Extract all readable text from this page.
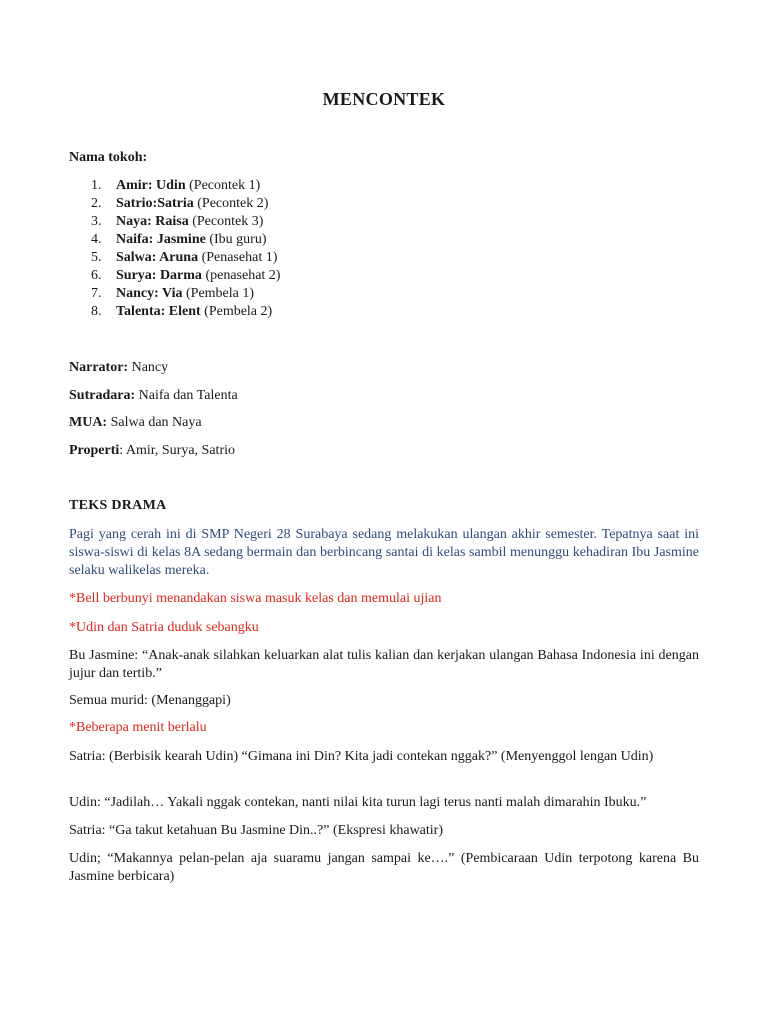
MENCONTEK
Nama tokoh:
1. Amir: Udin (Pecontek 1)
2. Satrio:Satria (Pecontek 2)
3. Naya: Raisa (Pecontek 3)
4. Naifa: Jasmine (Ibu guru)
5. Salwa: Aruna (Penasehat 1)
6. Surya: Darma (penasehat 2)
7. Nancy: Via (Pembela 1)
8. Talenta: Elent (Pembela 2)
Narrator: Nancy
Sutradara: Naifa dan Talenta
MUA: Salwa dan Naya
Properti: Amir, Surya, Satrio
TEKS DRAMA
Pagi yang cerah ini di SMP Negeri 28 Surabaya sedang melakukan ulangan akhir semester. Tepatnya saat ini siswa-siswi di kelas 8A sedang bermain dan berbincang santai di kelas sambil menunggu kehadiran Ibu Jasmine selaku walikelas mereka.
*Bell berbunyi menandakan siswa masuk kelas dan memulai ujian
*Udin dan Satria duduk sebangku
Bu Jasmine: “Anak-anak silahkan keluarkan alat tulis kalian dan kerjakan ulangan Bahasa Indonesia ini dengan jujur dan tertib.”
Semua murid: (Menanggapi)
*Beberapa menit berlalu
Satria: (Berbisik kearah Udin) “Gimana ini Din? Kita jadi contekan nggak?” (Menyenggol lengan Udin)
Udin: “Jadilah… Yakali nggak contekan, nanti nilai kita turun lagi terus nanti malah dimarahin Ibuku.”
Satria: “Ga takut ketahuan Bu Jasmine Din..?” (Ekspresi khawatir)
Udin; “Makannya pelan-pelan aja suaramu jangan sampai ke….” (Pembicaraan Udin terpotong karena Bu Jasmine berbicara)
